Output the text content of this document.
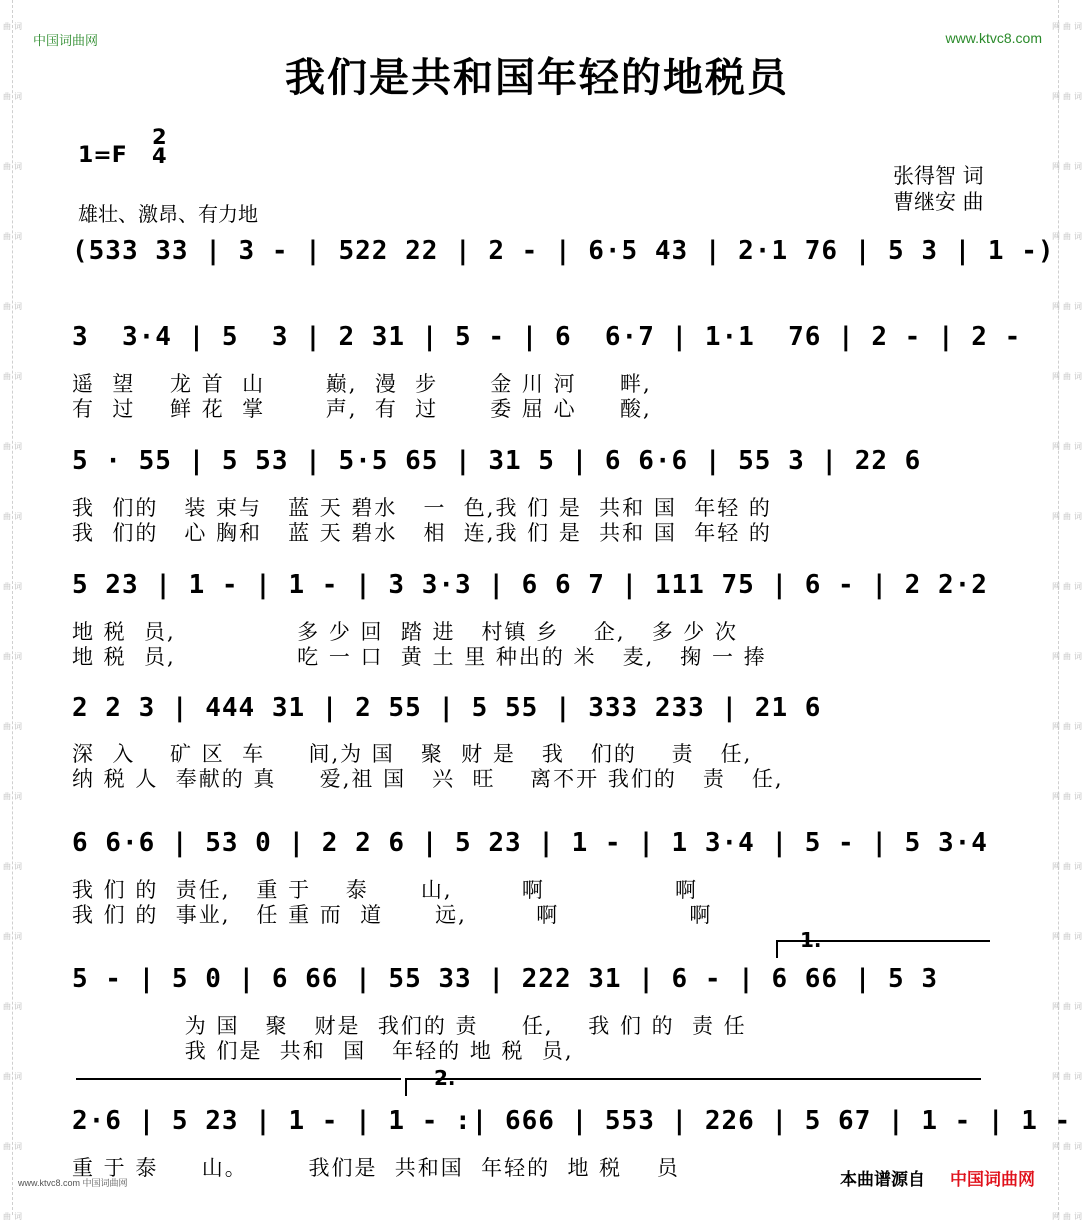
词曲
词曲
词曲
词曲
词曲
词曲
词曲
词曲
词曲
词曲
词曲
词曲
词曲
词曲
词曲
词曲
词曲
词曲
词曲网
词曲网
词曲网
词曲网
词曲网
词曲网
词曲网
词曲网
词曲网
词曲网
词曲网
词曲网
词曲网
词曲网
词曲网
词曲网
词曲网
词曲网
中国词曲网	www.ktvc8.com
我们是共和国年轻的地税员
1=F
2
4
雄壮、激昂、有力地
张得智 词
曹继安 曲
(533 33 | 3 - | 522 22 | 2 - | 6·5 43 | 2·1 76 | 5 3 | 1 -)
3  3·4 | 5  3 | 2 31 | 5 - | 6  6·7 | 1·1  76 | 2 - | 2 -
遥  望    龙 首  山       巅,  漫  步      金 川 河     畔,
有  过    鲜 花  掌       声,  有  过      委 屈 心     酸,
5 · 55 | 5 53 | 5·5 65 | 31 5 | 6 6·6 | 55 3 | 22 6
我  们的   装 束与   蓝 天 碧水   一  色,我 们 是  共和 国  年轻 的
我  们的   心 胸和   蓝 天 碧水   相  连,我 们 是  共和 国  年轻 的
5 23 | 1 - | 1 - | 3 3·3 | 6 6 7 | 111 75 | 6 - | 2 2·2
地 税  员,              多 少 回  踏 进   村镇 乡    企,   多 少 次
地 税  员,              吃 一 口  黄 土 里 种出的 米   麦,   掬 一 捧
2 2 3 | 444 31 | 2 55 | 5 55 | 333 233 | 21 6
深  入    矿 区  车     间,为 国   聚  财 是   我   们的    责   任,
纳 税 人  奉献的 真     爱,祖 国   兴  旺    离不开 我们的   责   任,
6 6·6 | 53 0 | 2 2 6 | 5 23 | 1 - | 1 3·4 | 5 - | 5 3·4
我 们 的  责任,   重 于    泰      山,        啊               啊
我 们 的  事业,   任 重 而  道      远,        啊               啊
1.
5 - | 5 0 | 6 66 | 55 33 | 222 31 | 6 - | 6 66 | 5 3
为 国   聚   财是  我们的 责     任,    我 们 的  责 任
我 们是  共和  国   年轻的 地 税  员,
2.
2·6 | 5 23 | 1 - | 1 - :| 666 | 553 | 226 | 5 67 | 1 - | 1 -
重 于 泰     山。       我们是  共和国  年轻的  地 税    员
www.ktvc8.com 中国词曲网	本曲谱源自 中国词曲网
